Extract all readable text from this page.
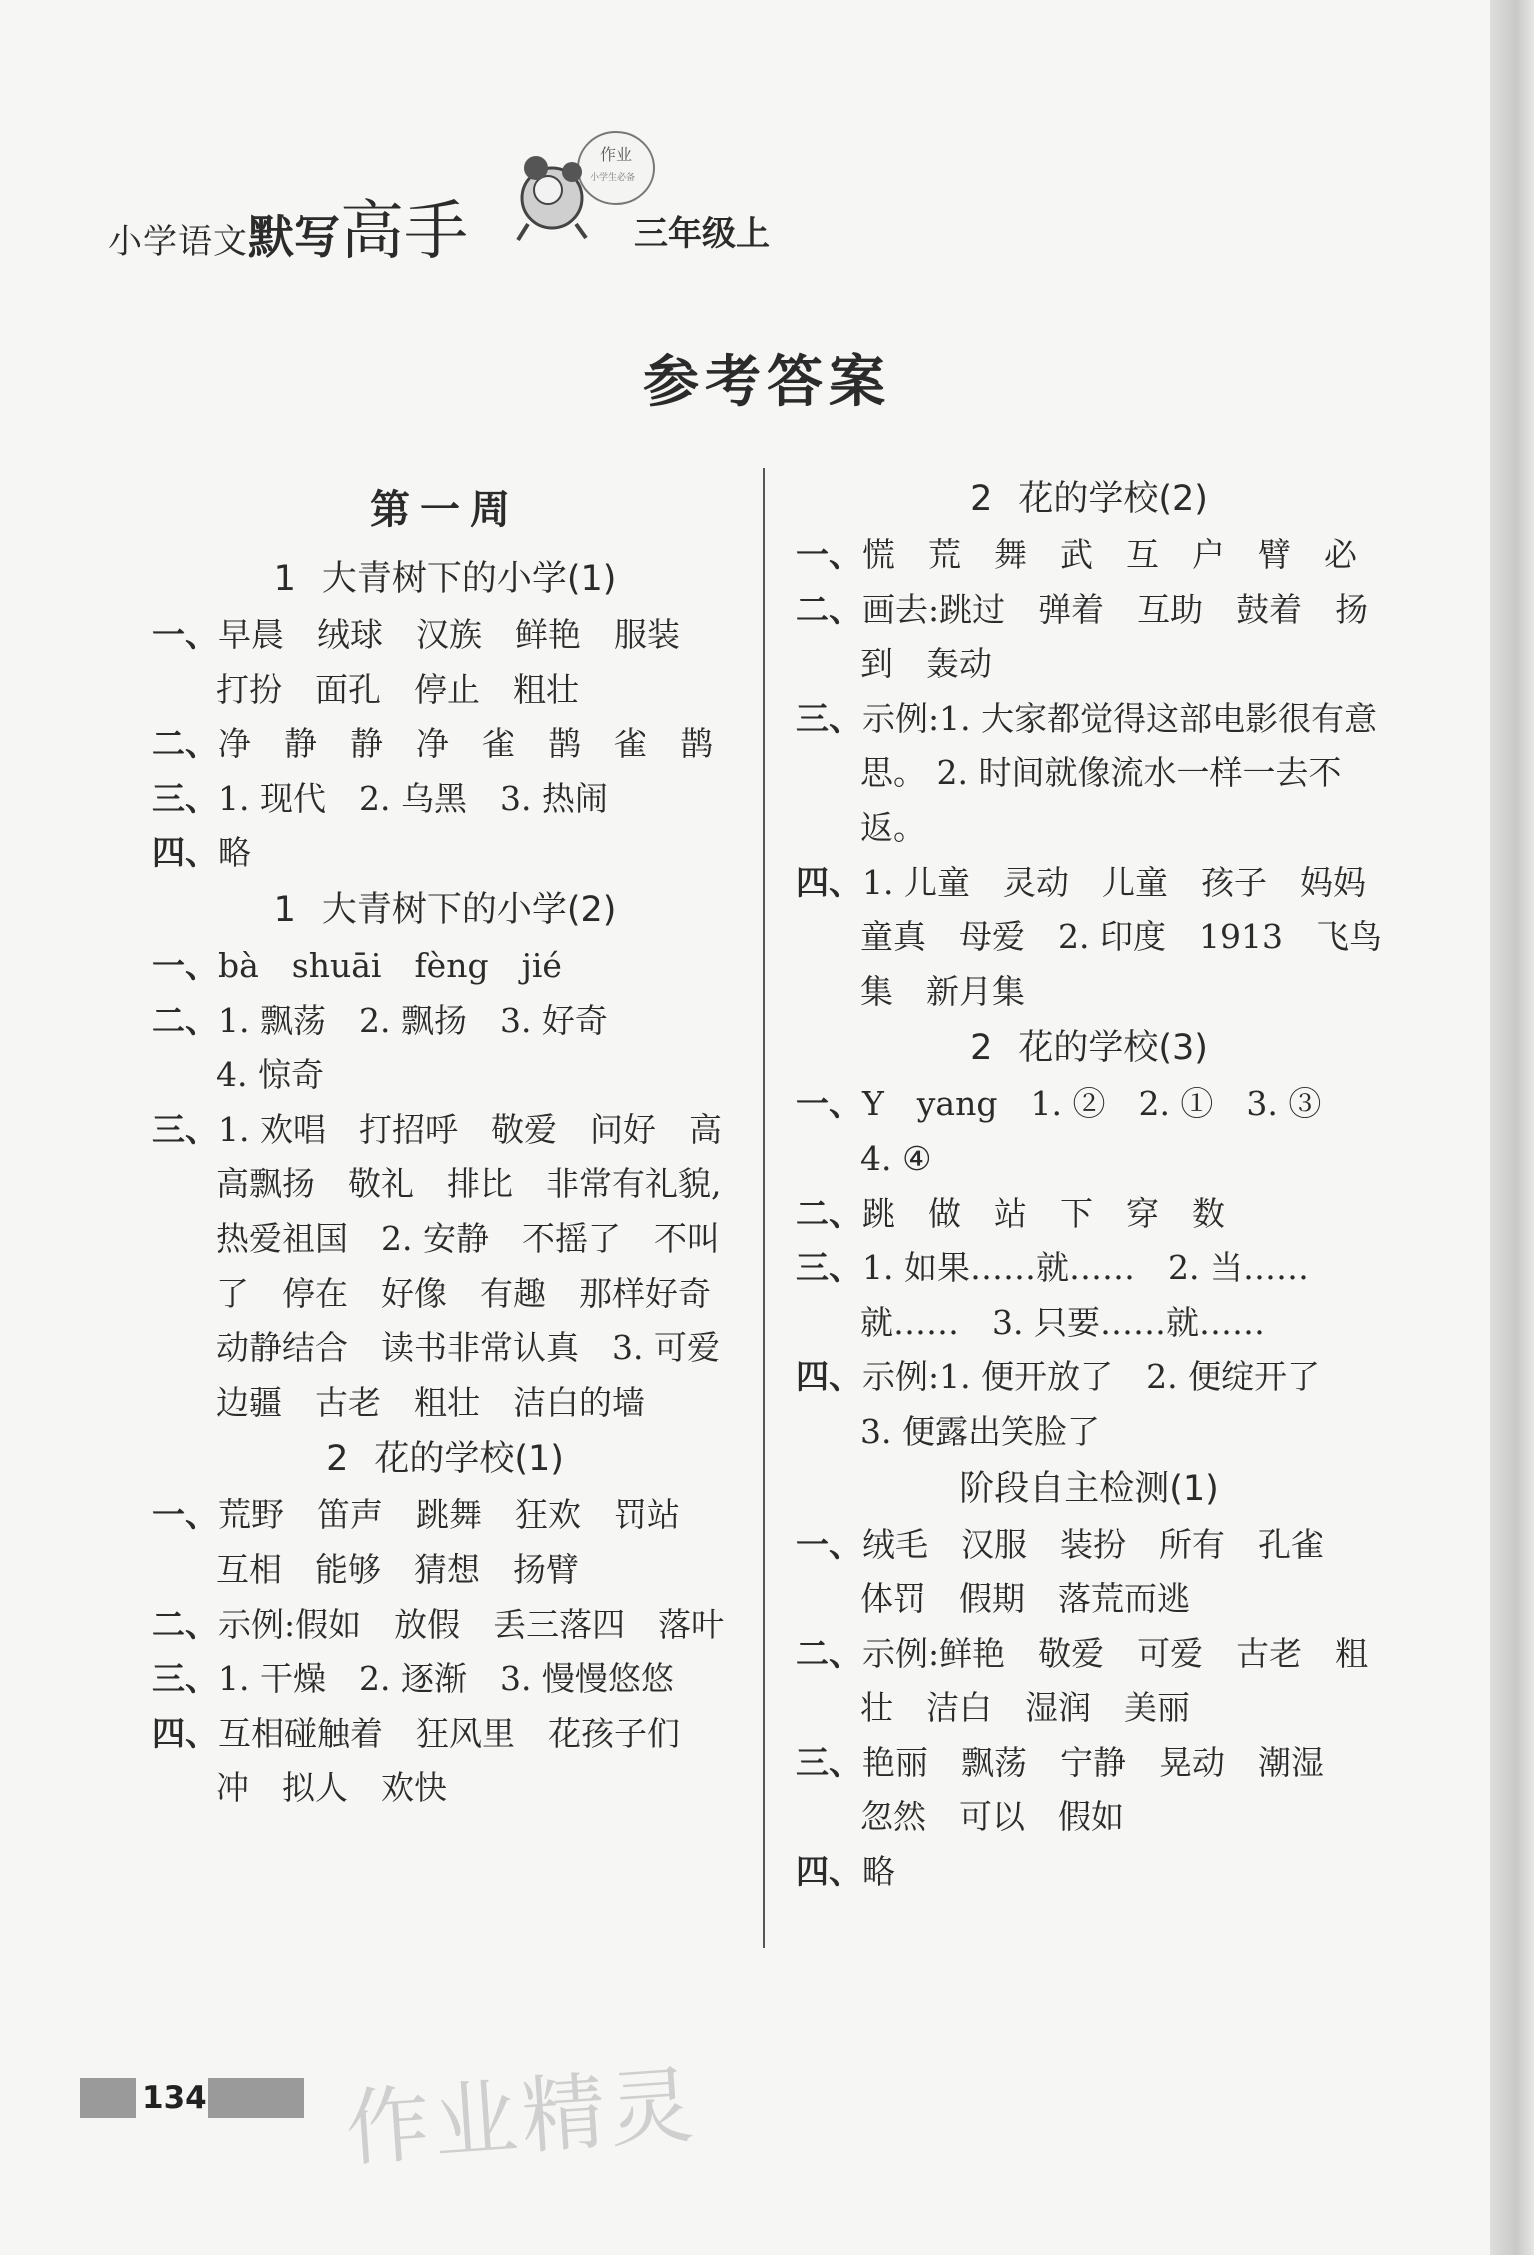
小学语文默写高手
作业
小学生必备
三年级上
参考答案
第一周
1 大青树下的小学(1)
一、早晨　绒球　汉族　鲜艳　服装　打扮　面孔　停止　粗壮
二、净　静　静　净　雀　鹊　雀　鹊
三、1. 现代　2. 乌黑　3. 热闹
四、略
1 大青树下的小学(2)
一、bà　shuāi　fèng　jié
二、1. 飘荡　2. 飘扬　3. 好奇
4. 惊奇
三、1. 欢唱　打招呼　敬爱　问好　高高飘扬　敬礼　排比　非常有礼貌,热爱祖国　2. 安静　不摇了　不叫了　停在　好像　有趣　那样好奇　动静结合　读书非常认真　3. 可爱　边疆　古老　粗壮　洁白的墙
2 花的学校(1)
一、荒野　笛声　跳舞　狂欢　罚站　互相　能够　猜想　扬臂
二、示例:假如　放假　丢三落四　落叶
三、1. 干燥　2. 逐渐　3. 慢慢悠悠
四、互相碰触着　狂风里　花孩子们　冲　拟人　欢快
2 花的学校(2)
一、慌　荒　舞　武　互　户　臂　必
二、画去:跳过　弹着　互助　鼓着　扬到　轰动
三、示例:1. 大家都觉得这部电影很有意思。 2. 时间就像流水一样一去不返。
四、1. 儿童　灵动　儿童　孩子　妈妈　童真　母爱　2. 印度　1913　飞鸟集　新月集
2 花的学校(3)
一、Y　yang　1. ②　2. ①　3. ③
4. ④
二、跳　做　站　下　穿　数
三、1. 如果……就……　2. 当……就……　3. 只要……就……
四、示例:1. 便开放了　2. 便绽开了
3. 便露出笑脸了
阶段自主检测(1)
一、绒毛　汉服　装扮　所有　孔雀　体罚　假期　落荒而逃
二、示例:鲜艳　敬爱　可爱　古老　粗壮　洁白　湿润　美丽
三、艳丽　飘荡　宁静　晃动　潮湿　忽然　可以　假如
四、略
134 作业精灵
